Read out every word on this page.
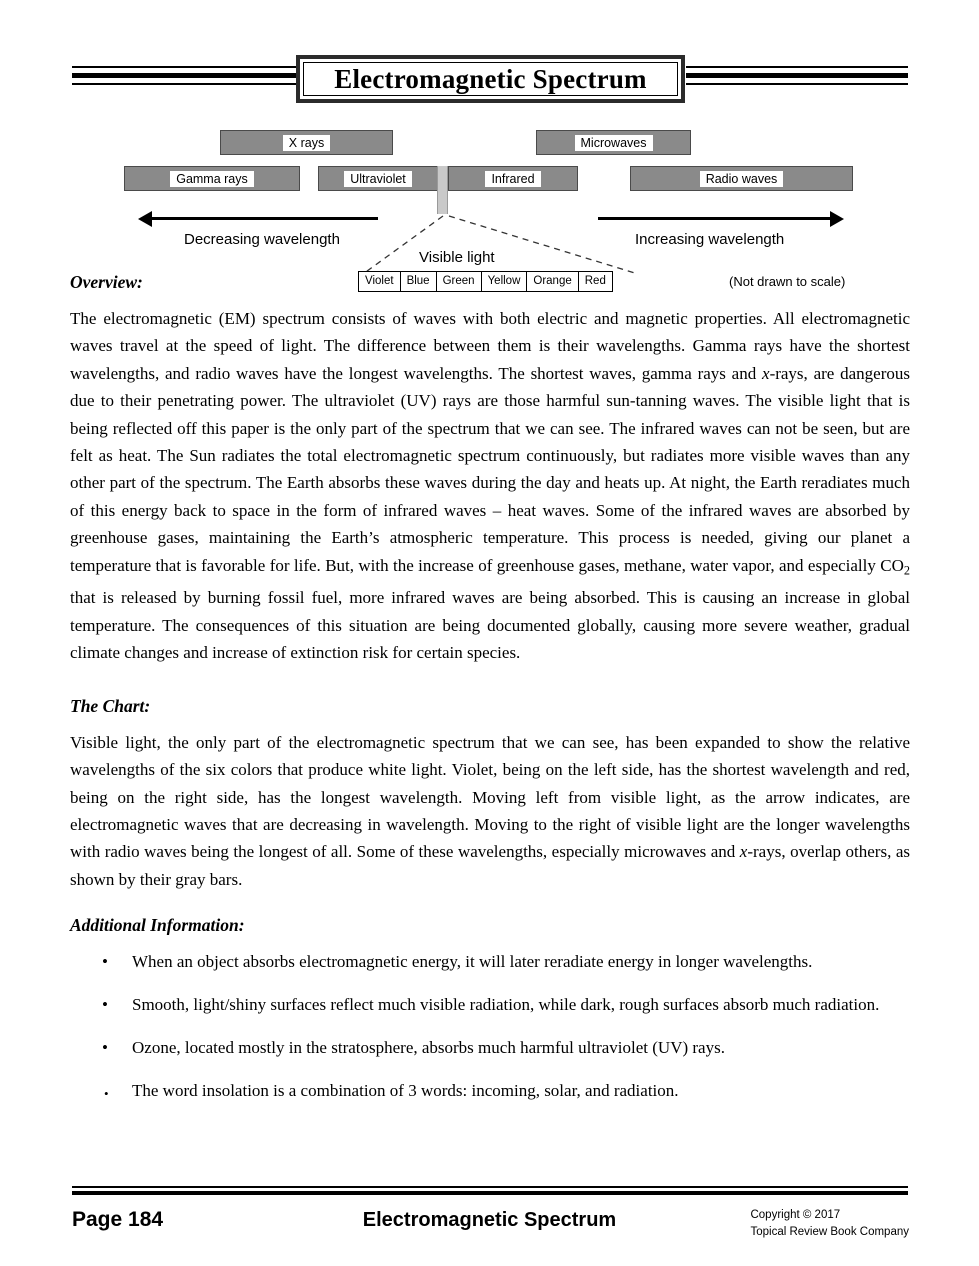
Electromagnetic Spectrum
X rays	Microwaves
Gamma rays	Ultraviolet	Infrared	Radio waves
Decreasing wavelength	Increasing wavelength
Visible light
Violet	Blue	Green	Yellow	Orange	Red	(Not drawn to scale)
Overview:

The electromagnetic (EM) spectrum consists of waves with both electric and magnetic properties. All electromagnetic waves travel at the speed of light. The difference between them is their wavelengths. Gamma rays have the shortest wavelengths, and radio waves have the longest wavelengths. The shortest waves, gamma rays and x-rays, are dangerous due to their penetrating power. The ultraviolet (UV) rays are those harmful sun-tanning waves. The visible light that is being reflected off this paper is the only part of the spectrum that we can see. The infrared waves can not be seen, but are felt as heat. The Sun radiates the total electromagnetic spectrum continuously, but radiates more visible waves than any other part of the spectrum. The Earth absorbs these waves during the day and heats up. At night, the Earth reradiates much of this energy back to space in the form of infrared waves – heat waves. Some of the infrared waves are absorbed by greenhouse gases, maintaining the Earth’s atmospheric temperature. This process is needed, giving our planet a temperature that is favorable for life. But, with the increase of greenhouse gases, methane, water vapor, and especially $CO_2$ that is released by burning fossil fuel, more infrared waves are being absorbed. This is causing an increase in global temperature. The consequences of this situation are being documented globally, causing more severe weather, gradual climate changes and increase of extinction risk for certain species.

The Chart:

Visible light, the only part of the electromagnetic spectrum that we can see, has been expanded to show the relative wavelengths of the six colors that produce white light. Violet, being on the left side, has the shortest wavelength and red, being on the right side, has the longest wavelength. Moving left from visible light, as the arrow indicates, are electromagnetic waves that are decreasing in wavelength. Moving to the right of visible light are the longer wavelengths with radio waves being the longest of all. Some of these wavelengths, especially microwaves and x-rays, overlap others, as shown by their gray bars.

Additional Information:
• When an object absorbs electromagnetic energy, it will later reradiate energy in longer wavelengths.
• Smooth, light/shiny surfaces reflect much visible radiation, while dark, rough surfaces absorb much radiation.
• Ozone, located mostly in the stratosphere, absorbs much harmful ultraviolet (UV) rays.
• The word insolation is a combination of 3 words: incoming, solar, and radiation.
Page 184	Electromagnetic Spectrum	Copyright © 2017
Topical Review Book Company
